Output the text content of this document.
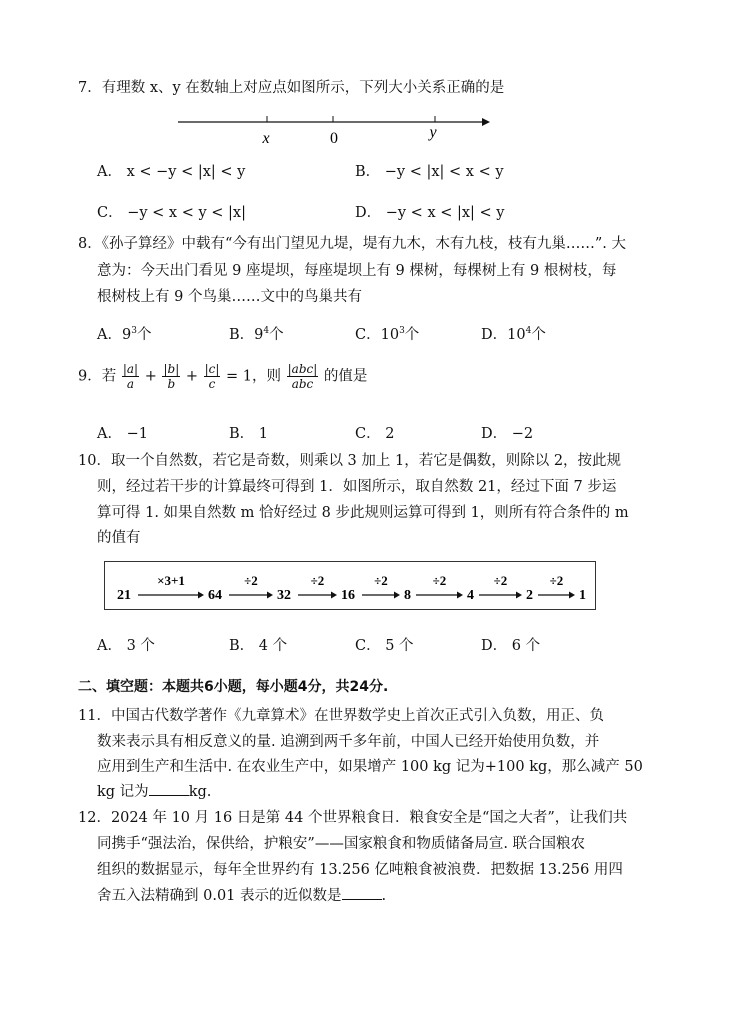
7．有理数 x、y 在数轴上对应点如图所示，下列大小关系正确的是
x	0	y
A． x < −y < |x| < y	B． −y < |x| < x < y
C． −y < x < y < |x|	D． −y < x < |x| < y
8．《孙子算经》中载有“今有出门望见九堤，堤有九木，木有九枝，枝有九巢……”. 大
意为：今天出门看见 9 座堤坝，每座堤坝上有 9 棵树，每棵树上有 9 根树枝，每
根树枝上有 9 个鸟巢……文中的鸟巢共有
A．$9^3$个	B．$9^4$个	C．$10^3$个	D．$10^4$个
9．若 $\frac{|a|}{a} + \frac{|b|}{b} + \frac{|c|}{c} = 1$，则 $\frac{\text{|abc|}}{\text{abc}}$ 的值是
A． −1	B． 1	C． 2	D． −2
10．取一个自然数，若它是奇数，则乘以 3 加上 1，若它是偶数，则除以 2，按此规
则，经过若干步的计算最终可得到 1．如图所示，取自然数 21，经过下面 7 步运
算可得 1. 如果自然数 m 恰好经过 8 步此规则运算可得到 1，则所有符合条件的 m
的值有
21	64	32	16	8	4	2	1
×3+1	÷2	÷2	÷2	÷2	÷2	÷2
A． 3 个	B． 4 个	C． 5 个	D． 6 个
二、填空题：本题共6小题，每小题4分，共24分.
11．中国古代数学著作《九章算术》在世界数学史上首次正式引入负数，用正、负
数来表示具有相反意义的量. 追溯到两千多年前，中国人已经开始使用负数，并
应用到生产和生活中. 在农业生产中，如果增产 100 kg 记为+100 kg，那么减产 50
kg 记为	kg.
12．2024 年 10 月 16 日是第 44 个世界粮食日．粮食安全是“国之大者”，让我们共
同携手“强法治，保供给，护粮安”——国家粮食和物质储备局宣. 联合国粮农
组织的数据显示，每年全世界约有 13.256 亿吨粮食被浪费．把数据 13.256 用四
舍五入法精确到 0.01 表示的近似数是	.
